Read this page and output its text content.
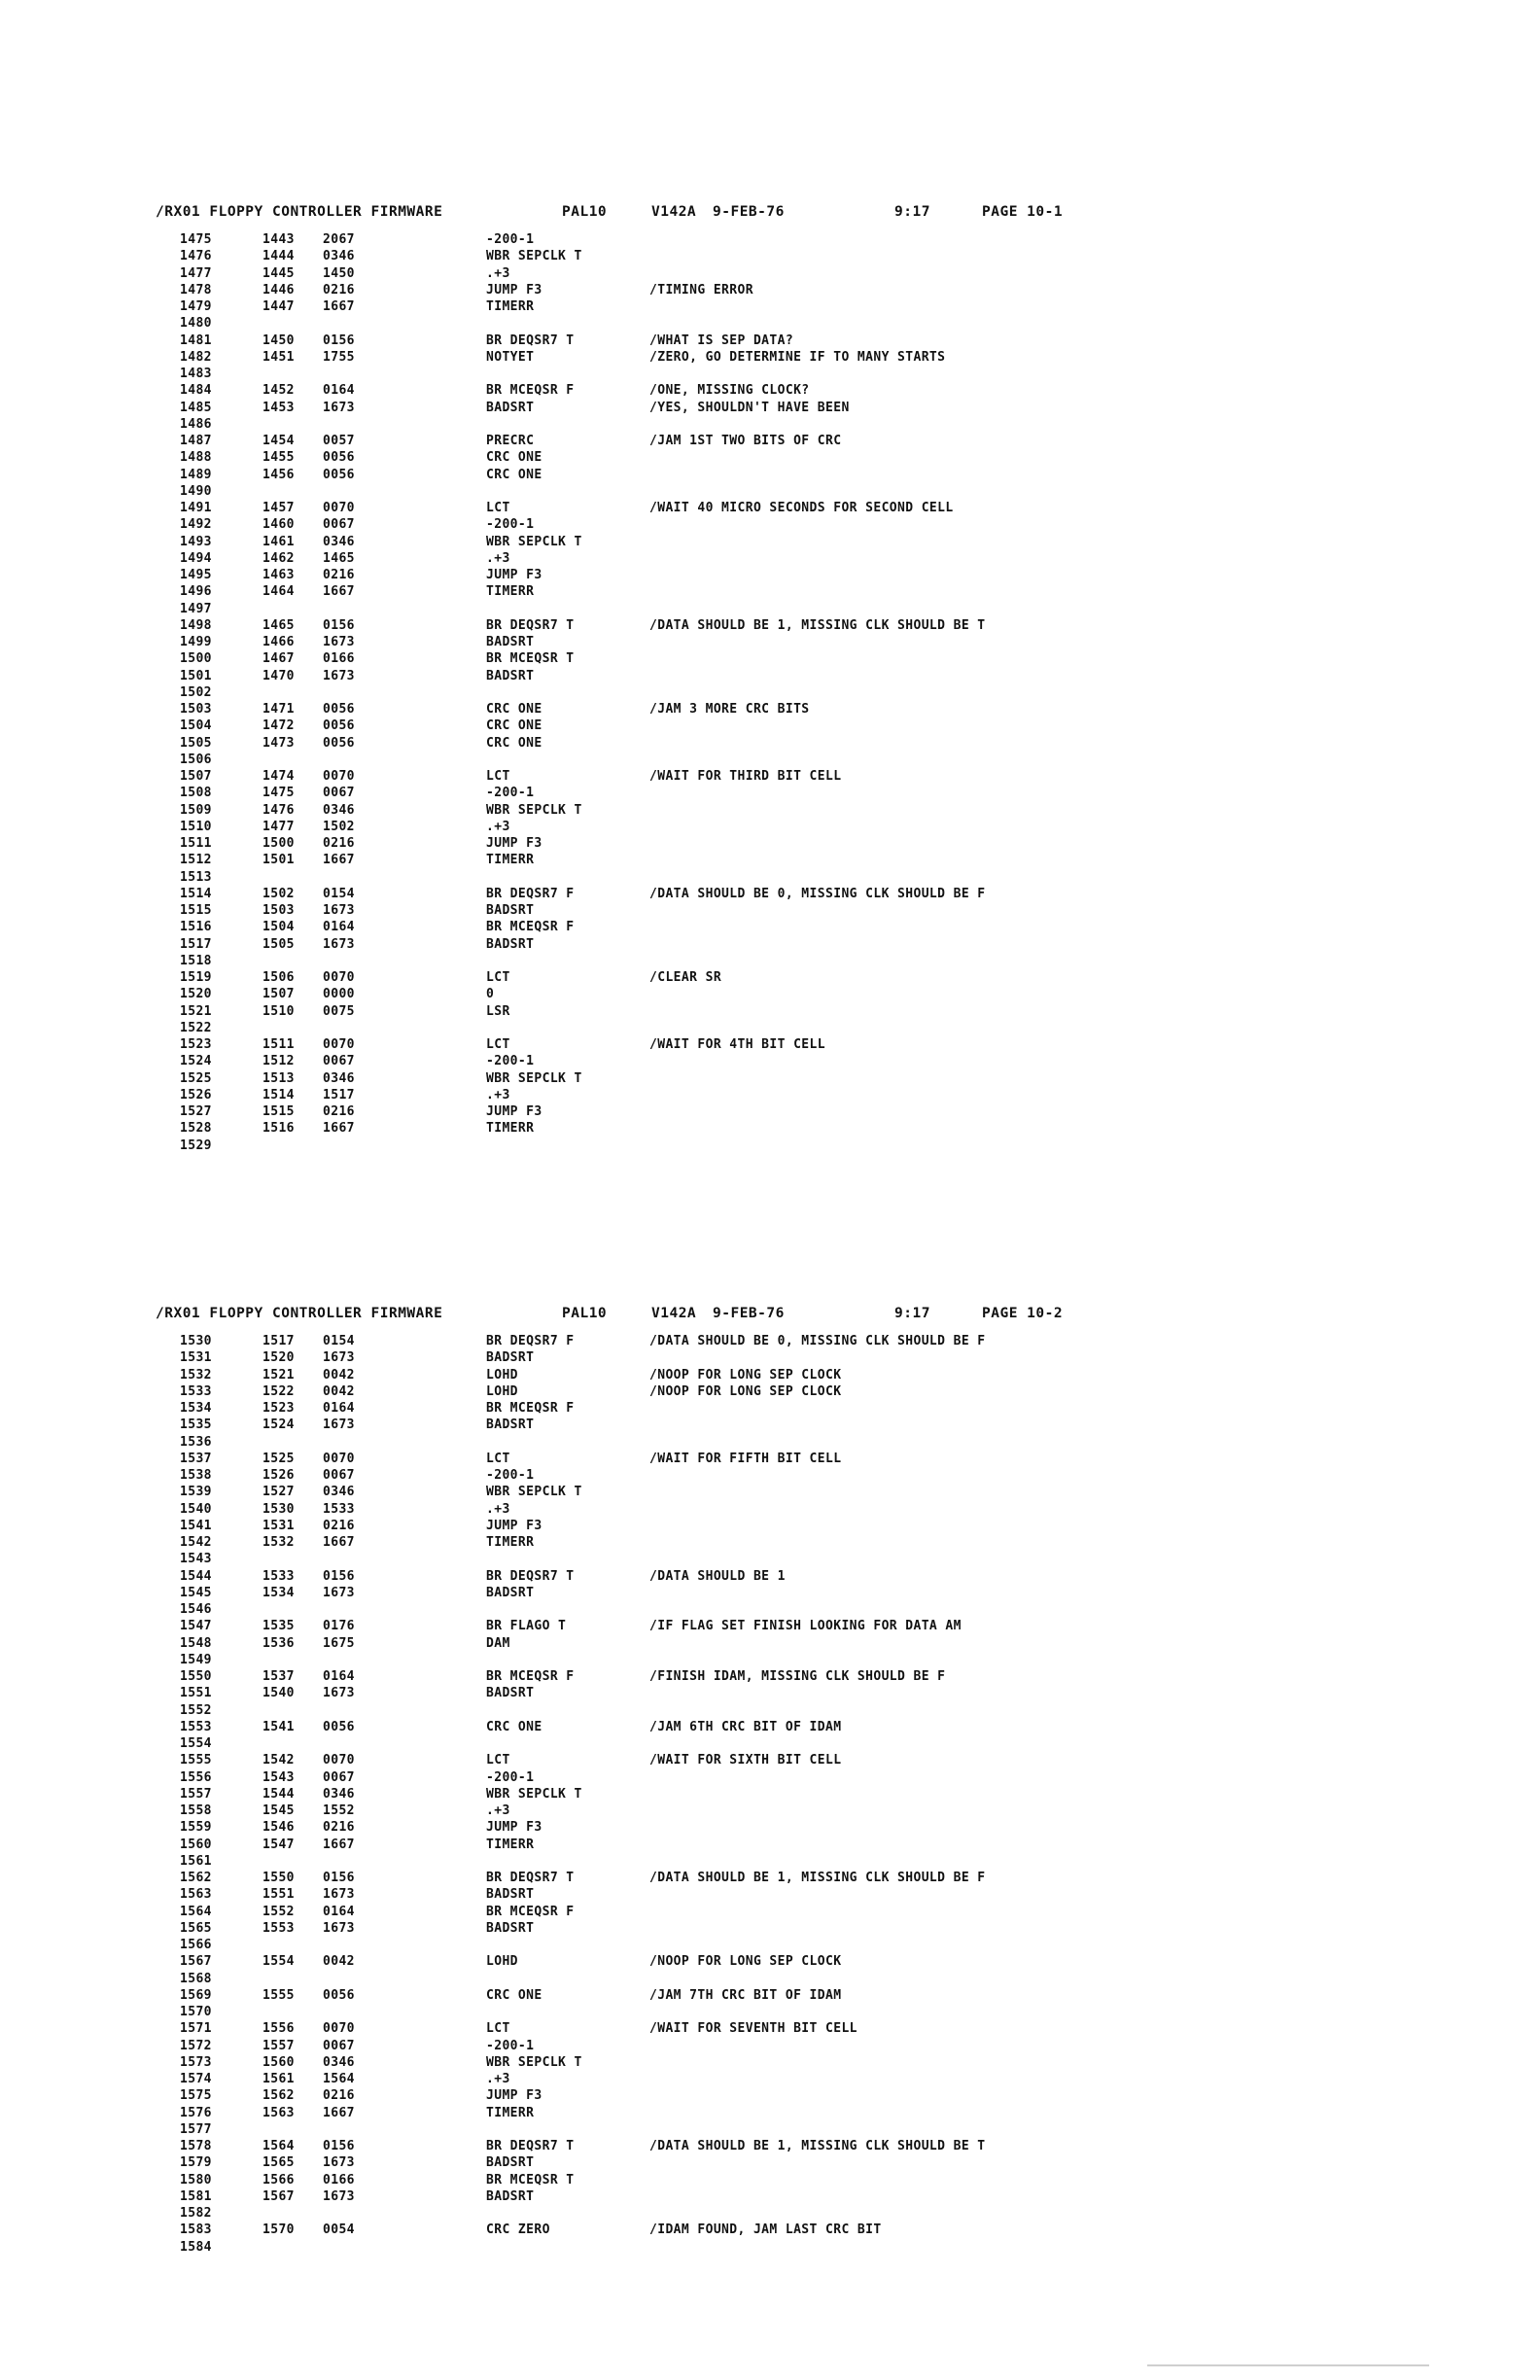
/RX01 FLOPPY CONTROLLER FIRMWARE

	PAL10

	V142A

9-FEB-76

	9:17

	PAGE 10-1

1475	1443 2067	-200-1
1476	1444 0346	WBR SEPCLK T
1477	1445 1450	.+3
1478	1446 0216	JUMP F3	/TIMING ERROR
1479	1447 1667	TIMERR
1480
1481	1450 0156	BR DEQSR7 T	/WHAT IS SEP DATA?
1482	1451 1755	NOTYET	/ZERO, GO DETERMINE IF TO MANY STARTS
1483
1484	1452 0164	BR MCEQSR F	/ONE, MISSING CLOCK?
1485	1453 1673	BADSRT	/YES, SHOULDN'T HAVE BEEN
1486
1487	1454 0057	PRECRC	/JAM 1ST TWO BITS OF CRC
1488	1455 0056	CRC ONE
1489	1456 0056	CRC ONE
1490
1491	1457 0070	LCT	/WAIT 40 MICRO SECONDS FOR SECOND CELL
1492	1460 0067	-200-1
1493	1461 0346	WBR SEPCLK T
1494	1462 1465	.+3
1495	1463 0216	JUMP F3
1496	1464 1667	TIMERR
1497
1498	1465 0156	BR DEQSR7 T	/DATA SHOULD BE 1, MISSING CLK SHOULD BE T
1499	1466 1673	BADSRT
1500	1467 0166	BR MCEQSR T
1501	1470 1673	BADSRT
1502
1503	1471 0056	CRC ONE	/JAM 3 MORE CRC BITS
1504	1472 0056	CRC ONE
1505	1473 0056	CRC ONE
1506
1507	1474 0070	LCT	/WAIT FOR THIRD BIT CELL
1508	1475 0067	-200-1
1509	1476 0346	WBR SEPCLK T
1510	1477 1502	.+3
1511	1500 0216	JUMP F3
1512	1501 1667	TIMERR
1513
1514	1502 0154	BR DEQSR7 F	/DATA SHOULD BE 0, MISSING CLK SHOULD BE F
1515	1503 1673	BADSRT
1516	1504 0164	BR MCEQSR F
1517	1505 1673	BADSRT
1518
1519	1506 0070	LCT	/CLEAR SR
1520	1507 0000	0
1521	1510 0075	LSR
1522
1523	1511 0070	LCT	/WAIT FOR 4TH BIT CELL
1524	1512 0067	-200-1
1525	1513 0346	WBR SEPCLK T
1526	1514 1517	.+3
1527	1515 0216	JUMP F3
1528	1516 1667	TIMERR
1529

/RX01 FLOPPY CONTROLLER FIRMWARE

	PAL10

	V142A

9-FEB-76

	9:17

	PAGE 10-2

1530	1517 0154	BR DEQSR7 F	/DATA SHOULD BE 0, MISSING CLK SHOULD BE F
1531	1520 1673	BADSRT
1532	1521 0042	LOHD	/NOOP FOR LONG SEP CLOCK
1533	1522 0042	LOHD	/NOOP FOR LONG SEP CLOCK
1534	1523 0164	BR MCEQSR F
1535	1524 1673	BADSRT
1536
1537	1525 0070	LCT	/WAIT FOR FIFTH BIT CELL
1538	1526 0067	-200-1
1539	1527 0346	WBR SEPCLK T
1540	1530 1533	.+3
1541	1531 0216	JUMP F3
1542	1532 1667	TIMERR
1543
1544	1533 0156	BR DEQSR7 T	/DATA SHOULD BE 1
1545	1534 1673	BADSRT
1546
1547	1535 0176	BR FLAGO T	/IF FLAG SET FINISH LOOKING FOR DATA AM
1548	1536 1675	DAM
1549
1550	1537 0164	BR MCEQSR F	/FINISH IDAM, MISSING CLK SHOULD BE F
1551	1540 1673	BADSRT
1552
1553	1541 0056	CRC ONE	/JAM 6TH CRC BIT OF IDAM
1554
1555	1542 0070	LCT	/WAIT FOR SIXTH BIT CELL
1556	1543 0067	-200-1
1557	1544 0346	WBR SEPCLK T
1558	1545 1552	.+3
1559	1546 0216	JUMP F3
1560	1547 1667	TIMERR
1561
1562	1550 0156	BR DEQSR7 T	/DATA SHOULD BE 1, MISSING CLK SHOULD BE F
1563	1551 1673	BADSRT
1564	1552 0164	BR MCEQSR F
1565	1553 1673	BADSRT
1566
1567	1554 0042	LOHD	/NOOP FOR LONG SEP CLOCK
1568
1569	1555 0056	CRC ONE	/JAM 7TH CRC BIT OF IDAM
1570
1571	1556 0070	LCT	/WAIT FOR SEVENTH BIT CELL
1572	1557 0067	-200-1
1573	1560 0346	WBR SEPCLK T
1574	1561 1564	.+3
1575	1562 0216	JUMP F3
1576	1563 1667	TIMERR
1577
1578	1564 0156	BR DEQSR7 T	/DATA SHOULD BE 1, MISSING CLK SHOULD BE T
1579	1565 1673	BADSRT
1580	1566 0166	BR MCEQSR T
1581	1567 1673	BADSRT
1582
1583	1570 0054	CRC ZERO	/IDAM FOUND, JAM LAST CRC BIT
1584
